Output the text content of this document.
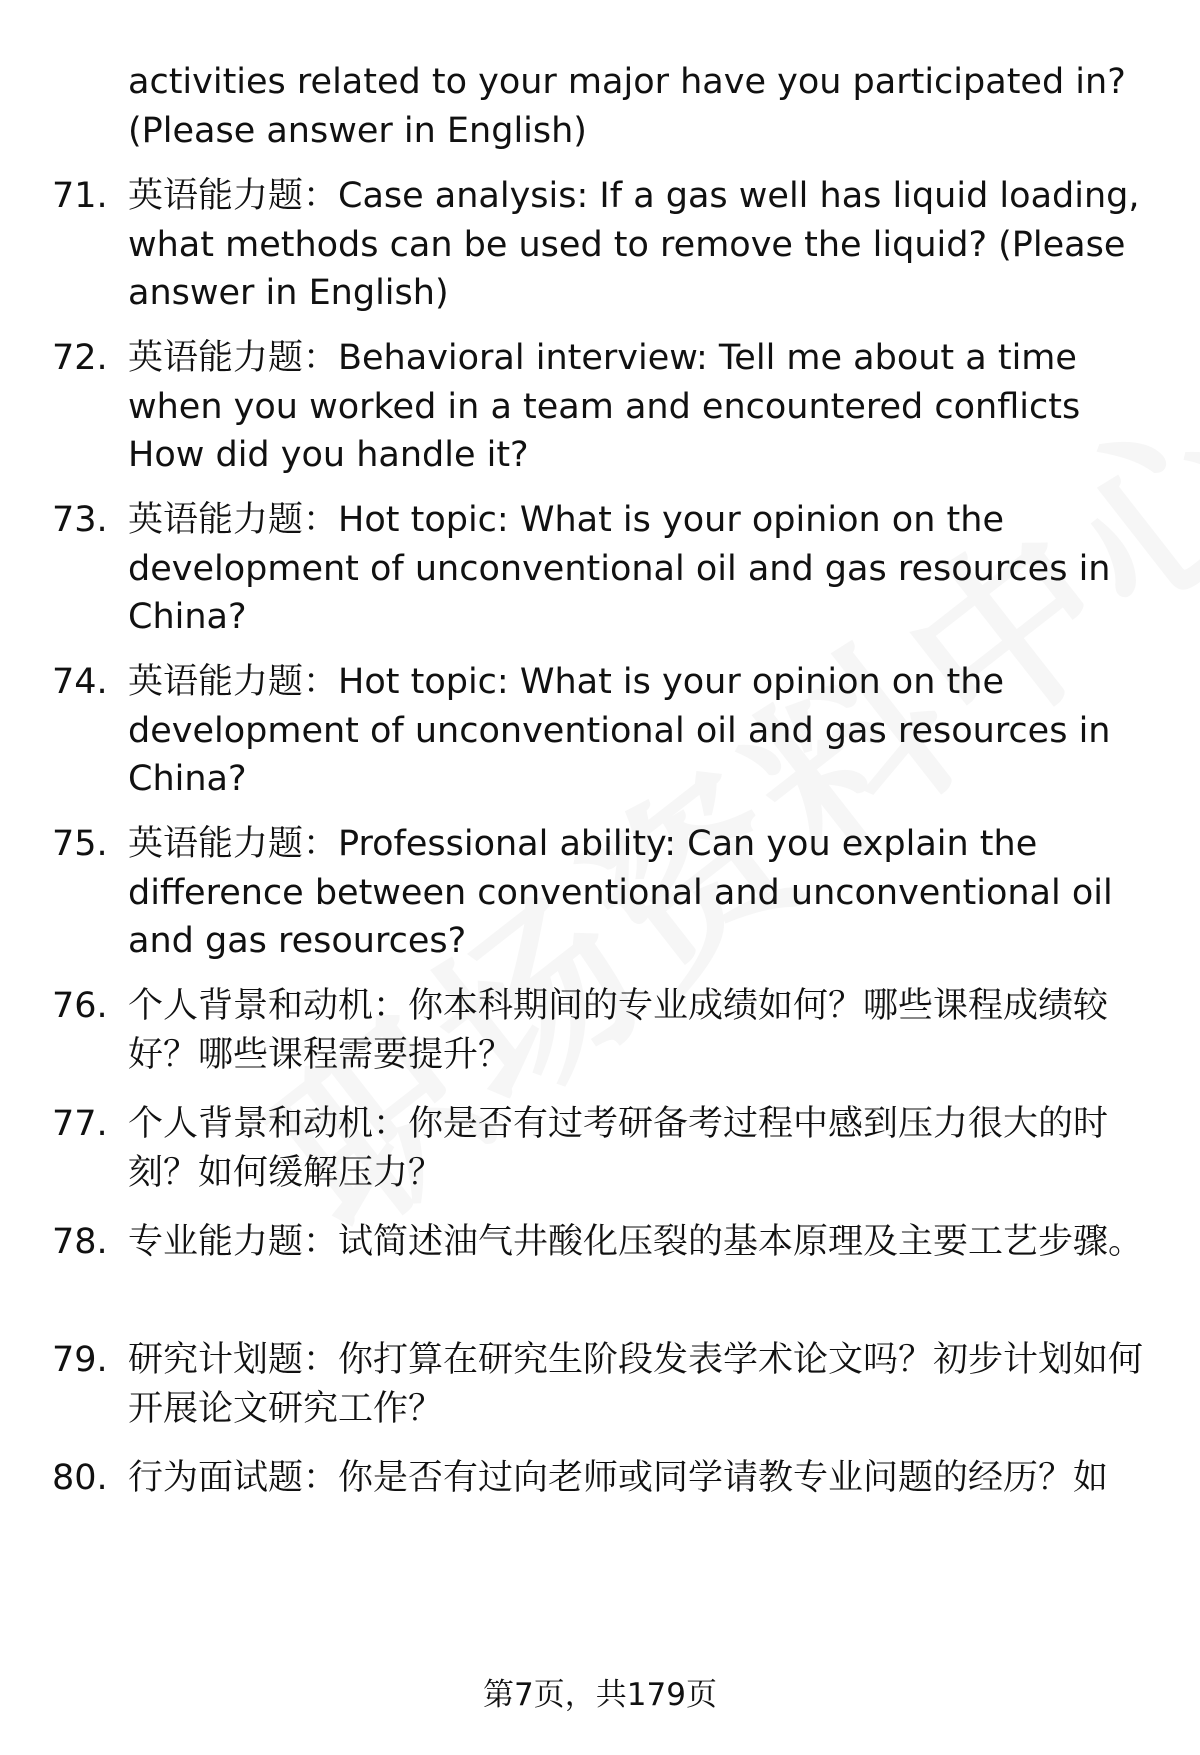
activities related to your major have you participated in? (Please answer in English)
71. 英语能力题：Case analysis: If a gas well has liquid loading, what methods can be used to remove the liquid? (Please answer in English)
72. 英语能力题：Behavioral interview: Tell me about a time when you worked in a team and encountered conflicts How did you handle it?
73. 英语能力题：Hot topic: What is your opinion on the development of unconventional oil and gas resources in China?
74. 英语能力题：Hot topic: What is your opinion on the development of unconventional oil and gas resources in China?
75. 英语能力题：Professional ability: Can you explain the difference between conventional and unconventional oil and gas resources?
76. 个人背景和动机：你本科期间的专业成绩如何？哪些课程成绩较好？哪些课程需要提升？
77. 个人背景和动机：你是否有过考研备考过程中感到压力很大的时刻？如何缓解压力？
78. 专业能力题：试简述油气井酸化压裂的基本原理及主要工艺步骤。
79. 研究计划题：你打算在研究生阶段发表学术论文吗？初步计划如何开展论文研究工作？
80. 行为面试题：你是否有过向老师或同学请教专业问题的经历？如
第7页，共179页
